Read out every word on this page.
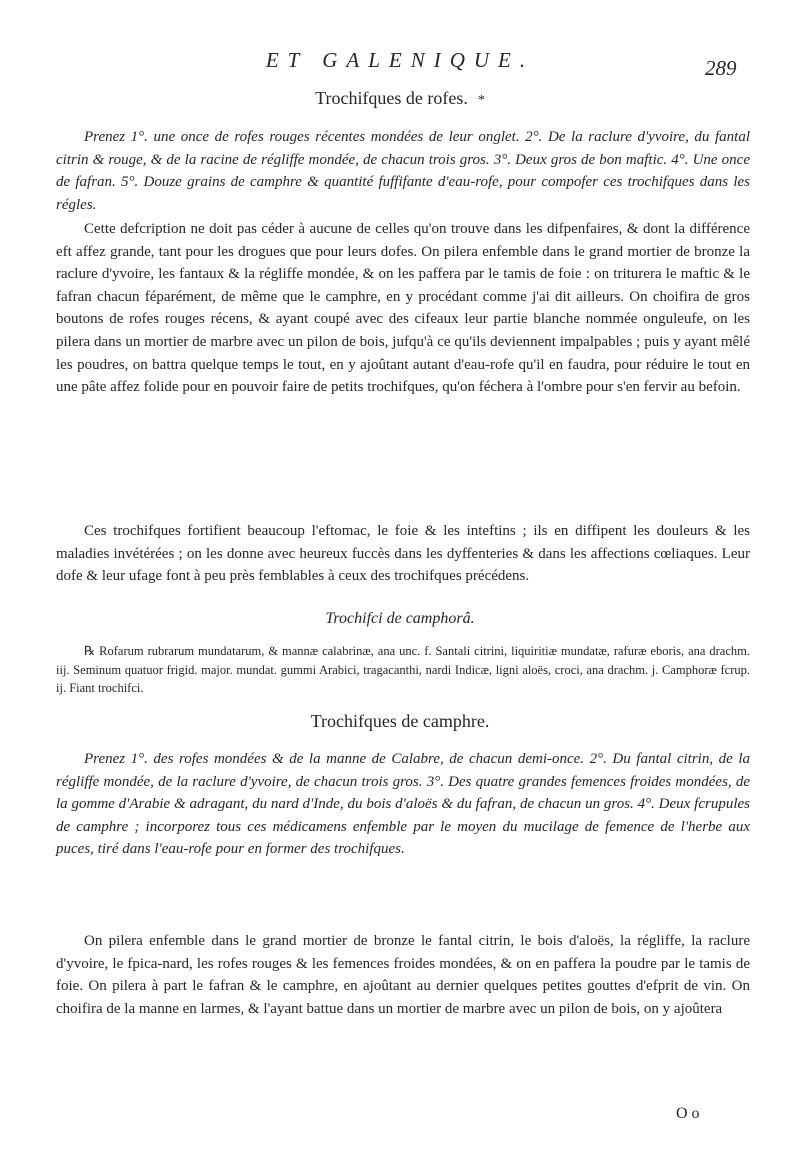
ET GALENIQUE.	289
Trochifques de rofes. *

Prenez 1°. une once de rofes rouges récentes mondées de leur onglet. 2°. De la raclure d'yvoire, du fantal citrin & rouge, & de la racine de régliffe mondée, de chacun trois gros. 3°. Deux gros de bon maftic. 4°. Une once de fafran. 5°. Douze grains de camphre & quantité fuffifante d'eau-rofe, pour compofer ces trochifques dans les régles.

Cette defcription ne doit pas céder à aucune de celles qu'on trouve dans les difpenfaires, & dont la différence eft affez grande, tant pour les drogues que pour leurs dofes. On pilera enfemble dans le grand mortier de bronze la raclure d'yvoire, les fantaux & la régliffe mondée, & on les paffera par le tamis de foie : on triturera le maftic & le fafran chacun féparément, de même que le camphre, en y procédant comme j'ai dit ailleurs. On choifira de gros boutons de rofes rouges récens, & ayant coupé avec des cifeaux leur partie blanche nommée onguleufe, on les pilera dans un mortier de marbre avec un pilon de bois, jufqu'à ce qu'ils deviennent impalpables ; puis y ayant mêlé les poudres, on battra quelque temps le tout, en y ajoûtant autant d'eau-rofe qu'il en faudra, pour réduire le tout en une pâte affez folide pour en pouvoir faire de petits trochifques, qu'on féchera à l'ombre pour s'en fervir au befoin.

Ces trochifques fortifient beaucoup l'eftomac, le foie & les inteftins ; ils en diffipent les douleurs & les maladies invétérées ; on les donne avec heureux fuccès dans les dyffenteries & dans les affections cœliaques. Leur dofe & leur ufage font à peu près femblables à ceux des trochifques précédens.

Trochifci de camphorâ.

℞ Rofarum rubrarum mundatarum, & mannæ calabrinæ, ana unc. f. Santali citrini, liquiritiæ mundatæ, rafuræ eboris, ana drachm. iij. Seminum quatuor frigid. major. mundat. gummi Arabici, tragacanthi, nardi Indicæ, ligni aloës, croci, ana drachm. j. Camphoræ fcrup. ij. Fiant trochifci.

Trochifques de camphre.

Prenez 1°. des rofes mondées & de la manne de Calabre, de chacun demi-once. 2°. Du fantal citrin, de la régliffe mondée, de la raclure d'yvoire, de chacun trois gros. 3°. Des quatre grandes femences froides mondées, de la gomme d'Arabie & adragant, du nard d'Inde, du bois d'aloës & du fafran, de chacun un gros. 4°. Deux fcrupules de camphre ; incorporez tous ces médicamens enfemble par le moyen du mucilage de femence de l'herbe aux puces, tiré dans l'eau-rofe pour en former des trochifques.

On pilera enfemble dans le grand mortier de bronze le fantal citrin, le bois d'aloës, la régliffe, la raclure d'yvoire, le fpica-nard, les rofes rouges & les femences froides mondées, & on en paffera la poudre par le tamis de foie. On pilera à part le fafran & le camphre, en ajoûtant au dernier quelques petites gouttes d'efprit de vin. On choifira de la manne en larmes, & l'ayant battue dans un mortier de marbre avec un pilon de bois, on y ajoûtera

O o
